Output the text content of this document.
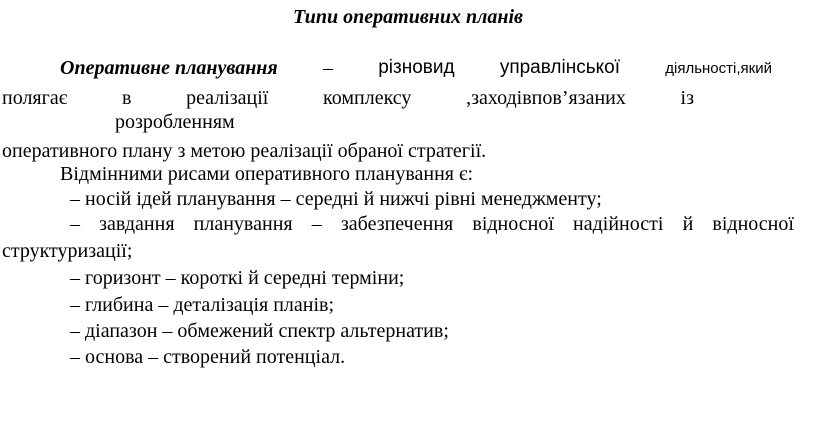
Типи оперативних планів
Оперативне планування – різновид управлінської	діяльності,який
полягає	в	реалізації	комплексу	,заходівпов’язаних	із
розробленням
оперативного плану з метою реалізації обраної стратегії.
Відмінними рисами оперативного планування є:
– носій ідей планування – середні й нижчі рівні менеджменту;
– завдання планування – забезпечення відносної надійності й відносної
структуризації;
– горизонт – короткі й середні терміни;
– глибина – деталізація планів;
– діапазон – обмежений спектр альтернатив;
– основа – створений потенціал.
